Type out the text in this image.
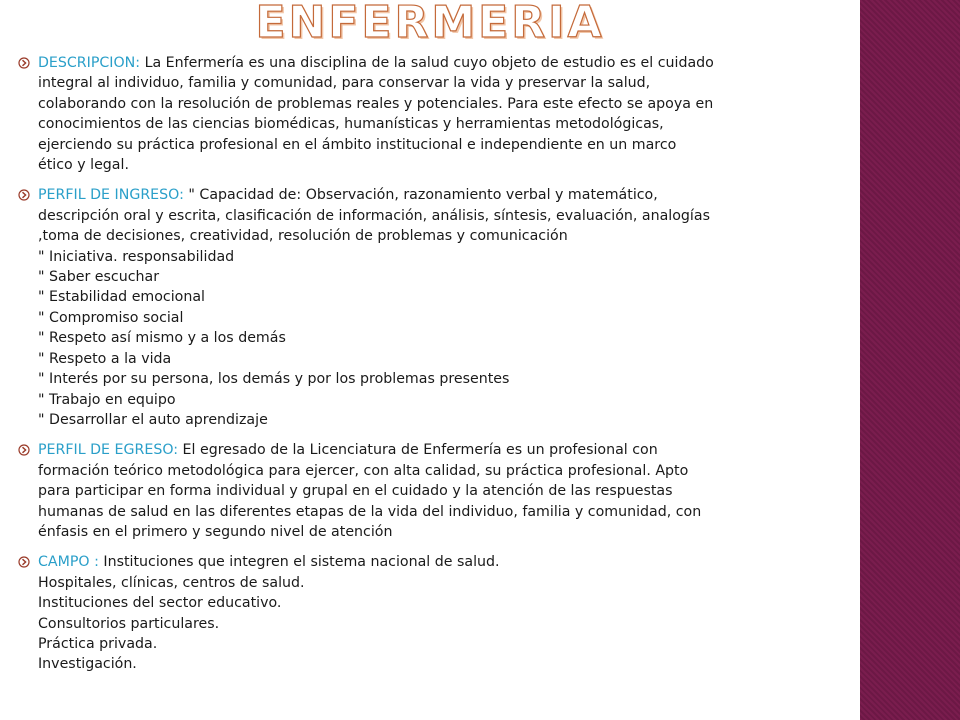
ENFERMERIA
DESCRIPCION: La Enfermería es una disciplina de la salud cuyo objeto de estudio es el cuidado
integral al individuo, familia y comunidad, para conservar la vida y preservar la salud,
colaborando con la resolución de problemas reales y potenciales. Para este efecto se apoya en
conocimientos de las ciencias biomédicas, humanísticas y herramientas metodológicas,
ejerciendo su práctica profesional en el ámbito institucional e independiente en un marco
ético y legal.
PERFIL DE INGRESO: " Capacidad de: Observación, razonamiento verbal y matemático,
descripción oral y escrita, clasificación de información, análisis, síntesis, evaluación, analogías
,toma de decisiones, creatividad, resolución de problemas y comunicación
" Iniciativa. responsabilidad
" Saber escuchar
" Estabilidad emocional
" Compromiso social
" Respeto así mismo y a los demás
" Respeto a la vida
" Interés por su persona, los demás y por los problemas presentes
" Trabajo en equipo
" Desarrollar el auto aprendizaje
PERFIL DE EGRESO: El egresado de la Licenciatura de Enfermería es un profesional con
formación teórico metodológica para ejercer, con alta calidad, su práctica profesional. Apto
para participar en forma individual y grupal en el cuidado y la atención de las respuestas
humanas de salud en las diferentes etapas de la vida del individuo, familia y comunidad, con
énfasis en el primero y segundo nivel de atención
CAMPO : Instituciones que integren el sistema nacional de salud.
Hospitales, clínicas, centros de salud.
Instituciones del sector educativo.
Consultorios particulares.
Práctica privada.
Investigación.
